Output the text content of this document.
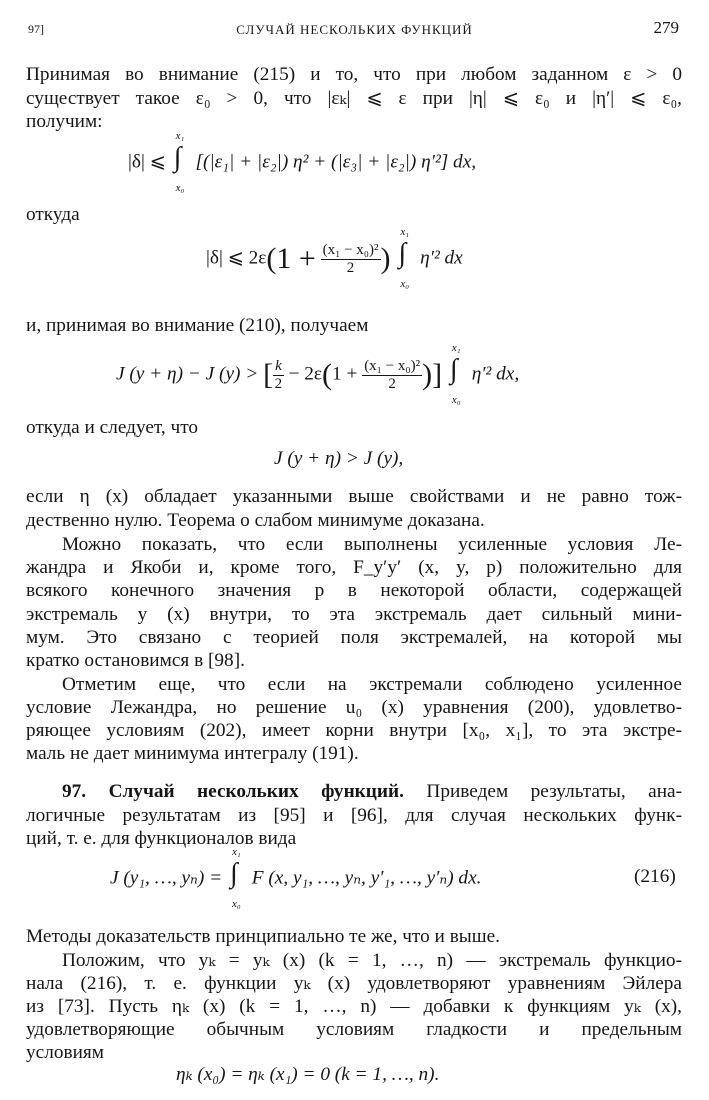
97]	СЛУЧАЙ НЕСКОЛЬКИХ ФУНКЦИЙ	279
Принимая во внимание (215) и то, что при любом заданном ε > 0
существует такое ε₀ > 0, что |εₖ| ⩽ ε при |η| ⩽ ε₀ и |η′| ⩽ ε₀,
получим:
|δ| ⩽
x₁
∫
x₀
[(|ε₁| + |ε₂|) η² + (|ε₃| + |ε₂|) η′²] dx,
откуда
|δ| ⩽ $2\varepsilon(1 + \frac{\text{(x₁ − x₀)²}}{2}$ )
x₁
∫
x₀
η′² dx
и, принимая во внимание (210), получаем
J (y + η) − J (y) > [ $\frac{k}{2} - 2\varepsilon(1 + \frac{\text{(x₁ − x₀)²}}{2}$ )]
x₁
∫
x₀
η′² dx,
откуда и следует, что
J (y + η) > J (y),
если η (x) обладает указанными выше свойствами и не равно тож-
дественно нулю. Теорема о слабом минимуме доказана.
Можно показать, что если выполнены усиленные условия Ле-
жандра и Якоби и, кроме того, F_y′y′ (x, y, p) положительно для
всякого конечного значения p в некоторой области, содержащей
экстремаль y (x) внутри, то эта экстремаль дает сильный мини-
мум. Это связано с теорией поля экстремалей, на которой мы
кратко остановимся в [98].
Отметим еще, что если на экстремали соблюдено усиленное
условие Лежандра, но решение u₀ (x) уравнения (200), удовлетво-
ряющее условиям (202), имеет корни внутри [x₀, x₁], то эта экстре-
маль не дает минимума интегралу (191).
97. Случай нескольких функций. Приведем результаты, ана-
логичные результатам из [95] и [96], для случая нескольких функ-
ций, т. е. для функционалов вида
J (y₁, …, yₙ) =
x₁
∫
x₀
F (x, y₁, …, yₙ, y′₁, …, y′ₙ) dx.	(216)
Методы доказательств принципиально те же, что и выше.
Положим, что yₖ = yₖ (x) (k = 1, …, n) — экстремаль функцио-
нала (216), т. е. функции yₖ (x) удовлетворяют уравнениям Эйлера
из [73]. Пусть ηₖ (x) (k = 1, …, n) — добавки к функциям yₖ (x),
удовлетворяющие обычным условиям гладкости и предельным
условиям
ηₖ (x₀) = ηₖ (x₁) = 0 (k = 1, …, n).
